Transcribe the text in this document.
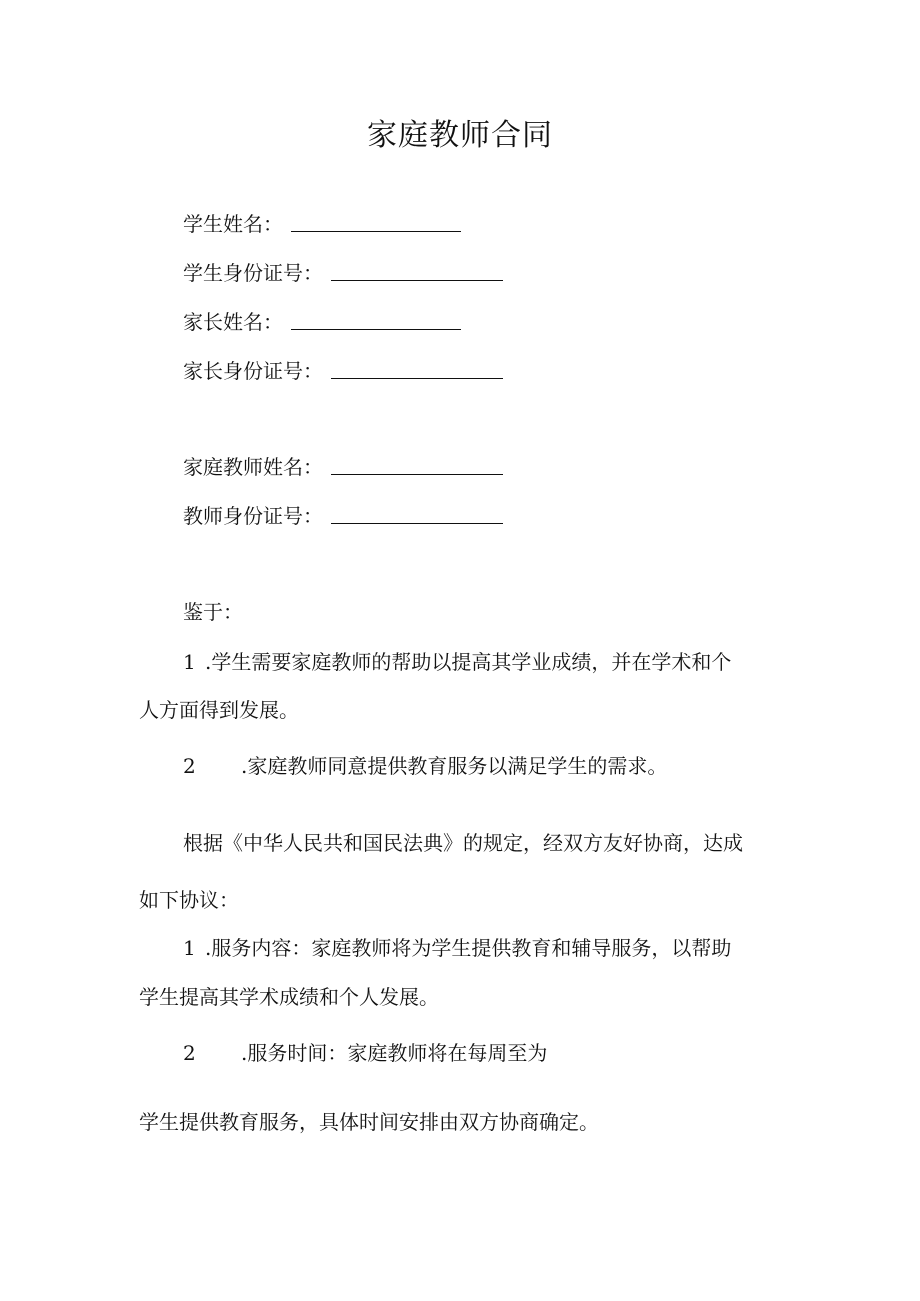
家庭教师合同
学生姓名：
学生身份证号：
家长姓名：
家长身份证号：
家庭教师姓名：
教师身份证号：
鉴于：
1 .学生需要家庭教师的帮助以提高其学业成绩，并在学术和个
人方面得到发展。
2 .家庭教师同意提供教育服务以满足学生的需求。
根据《中华人民共和国民法典》的规定，经双方友好协商，达成
如下协议：
1 .服务内容：家庭教师将为学生提供教育和辅导服务，以帮助
学生提高其学术成绩和个人发展。
2 .服务时间：家庭教师将在每周至为
学生提供教育服务，具体时间安排由双方协商确定。
